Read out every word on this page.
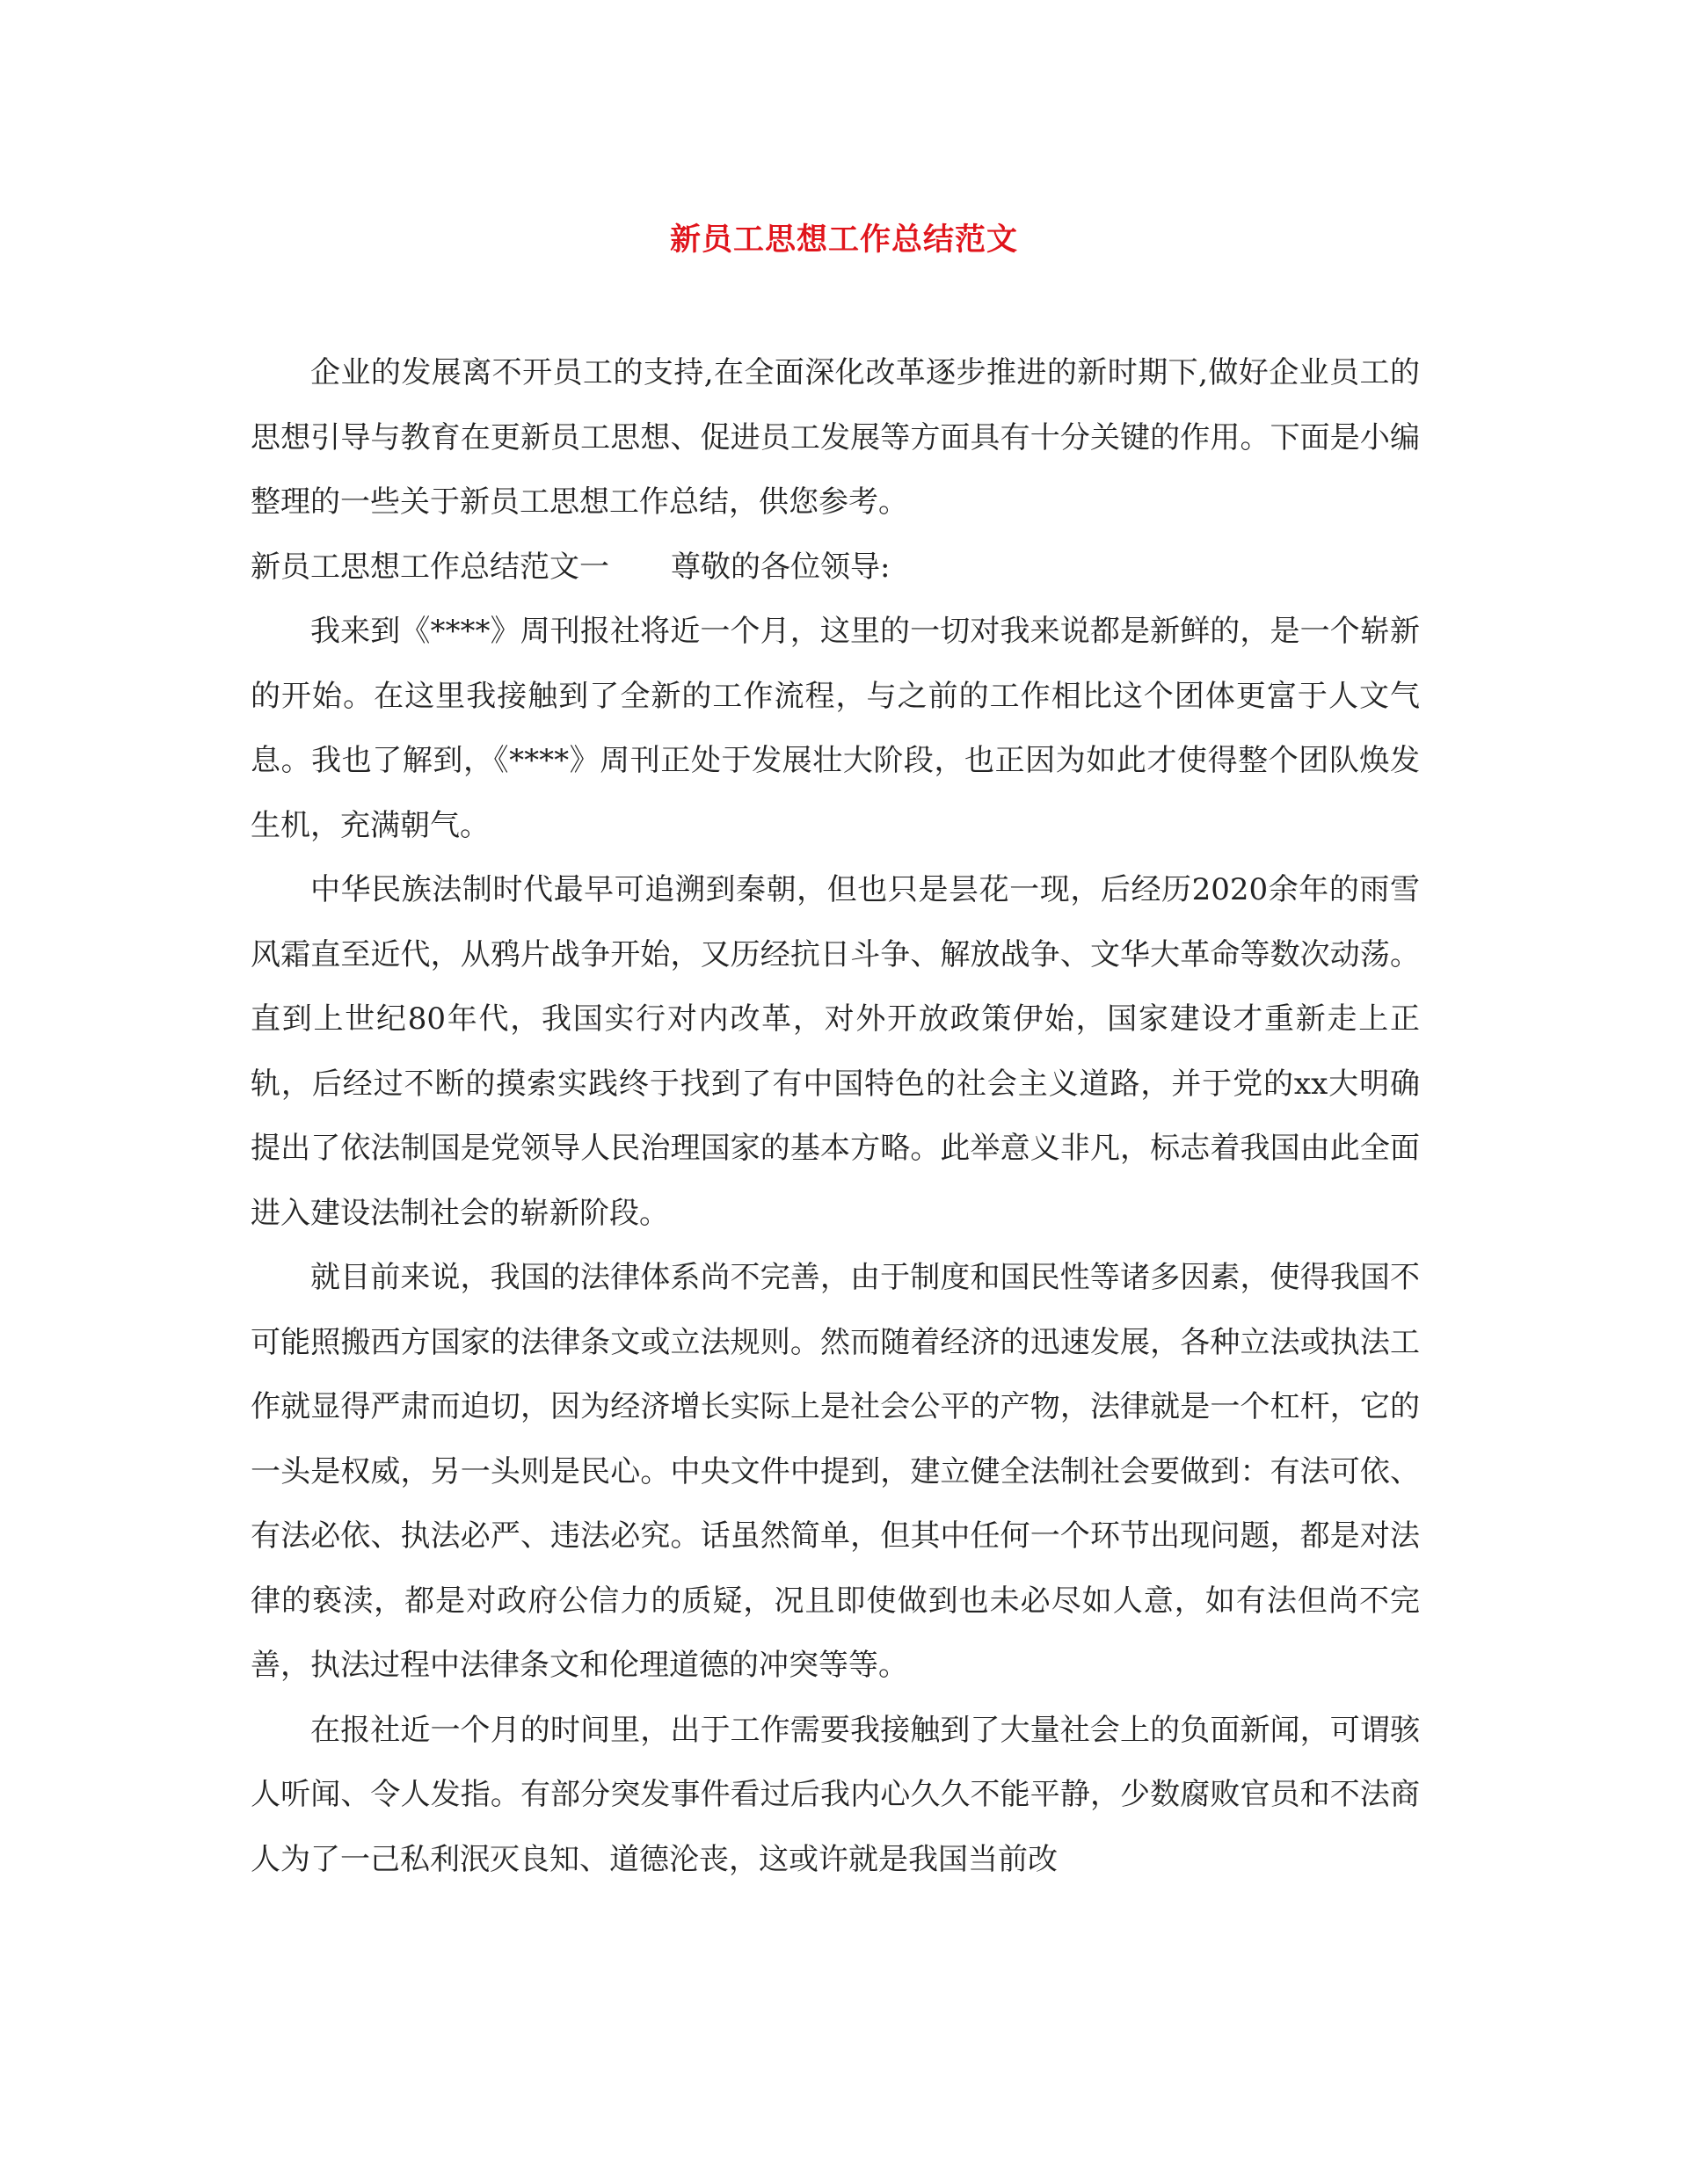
新员工思想工作总结范文

企业的发展离不开员工的支持,在全面深化改革逐步推进的新时期下,做好企业员工的思想引导与教育在更新员工思想、促进员工发展等方面具有十分关键的作用。下面是小编整理的一些关于新员工思想工作总结，供您参考。

新员工思想工作总结范文一 尊敬的各位领导:

我来到《****》周刊报社将近一个月，这里的一切对我来说都是新鲜的，是一个崭新的开始。在这里我接触到了全新的工作流程，与之前的工作相比这个团体更富于人文气息。我也了解到，《****》周刊正处于发展壮大阶段，也正因为如此才使得整个团队焕发生机，充满朝气。

中华民族法制时代最早可追溯到秦朝，但也只是昙花一现，后经历2020余年的雨雪风霜直至近代，从鸦片战争开始，又历经抗日斗争、解放战争、文华大革命等数次动荡。直到上世纪80年代，我国实行对内改革，对外开放政策伊始，国家建设才重新走上正轨，后经过不断的摸索实践终于找到了有中国特色的社会主义道路，并于党的xx大明确提出了依法制国是党领导人民治理国家的基本方略。此举意义非凡，标志着我国由此全面进入建设法制社会的崭新阶段。

就目前来说，我国的法律体系尚不完善，由于制度和国民性等诸多因素，使得我国不可能照搬西方国家的法律条文或立法规则。然而随着经济的迅速发展，各种立法或执法工作就显得严肃而迫切，因为经济增长实际上是社会公平的产物，法律就是一个杠杆，它的一头是权威，另一头则是民心。中央文件中提到，建立健全法制社会要做到：有法可依、有法必依、执法必严、违法必究。话虽然简单，但其中任何一个环节出现问题，都是对法律的亵渎，都是对政府公信力的质疑，况且即使做到也未必尽如人意，如有法但尚不完善，执法过程中法律条文和伦理道德的冲突等等。

在报社近一个月的时间里，出于工作需要我接触到了大量社会上的负面新闻，可谓骇人听闻、令人发指。有部分突发事件看过后我内心久久不能平静，少数腐败官员和不法商人为了一己私利泯灭良知、道德沦丧，这或许就是我国当前改
